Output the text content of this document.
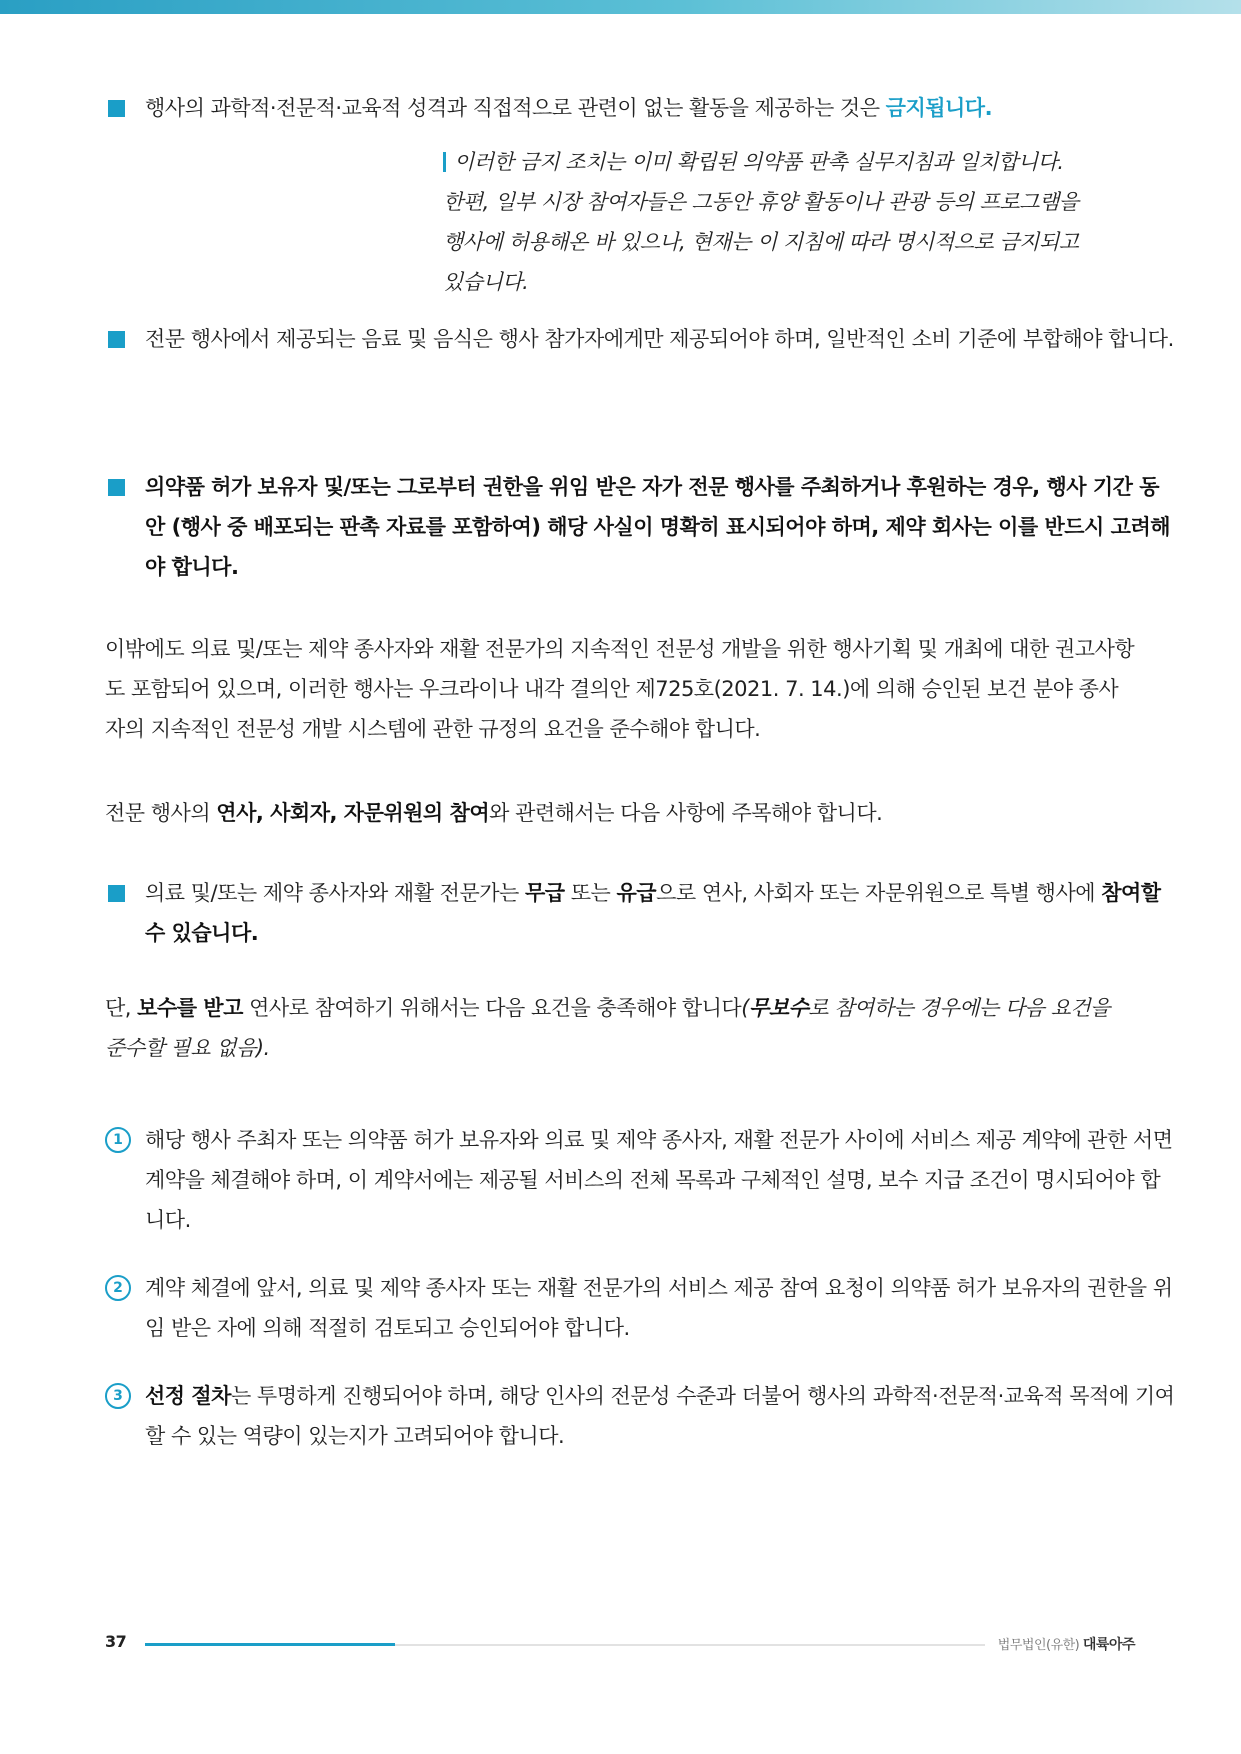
행사의 과학적·전문적·교육적 성격과 직접적으로 관련이 없는 활동을 제공하는 것은 금지됩니다.
이러한 금지 조치는 이미 확립된 의약품 판촉 실무지침과 일치합니다.
한편, 일부 시장 참여자들은 그동안 휴양 활동이나 관광 등의 프로그램을
행사에 허용해온 바 있으나, 현재는 이 지침에 따라 명시적으로 금지되고
있습니다.
전문 행사에서 제공되는 음료 및 음식은 행사 참가자에게만 제공되어야 하며, 일반적인 소비 기준에 부합해야 합니다.
의약품 허가 보유자 및/또는 그로부터 권한을 위임 받은 자가 전문 행사를 주최하거나 후원하는 경우, 행사 기간 동안 (행사 중 배포되는 판촉 자료를 포함하여) 해당 사실이 명확히 표시되어야 하며, 제약 회사는 이를 반드시 고려해야 합니다.
이밖에도 의료 및/또는 제약 종사자와 재활 전문가의 지속적인 전문성 개발을 위한 행사기획 및 개최에 대한 권고사항도 포함되어 있으며, 이러한 행사는 우크라이나 내각 결의안 제725호(2021. 7. 14.)에 의해 승인된 보건 분야 종사자의 지속적인 전문성 개발 시스템에 관한 규정의 요건을 준수해야 합니다.
전문 행사의 연사, 사회자, 자문위원의 참여와 관련해서는 다음 사항에 주목해야 합니다.
의료 및/또는 제약 종사자와 재활 전문가는 무급 또는 유급으로 연사, 사회자 또는 자문위원으로 특별 행사에 참여할 수 있습니다.
단, 보수를 받고 연사로 참여하기 위해서는 다음 요건을 충족해야 합니다(무보수로 참여하는 경우에는 다음 요건을 준수할 필요 없음).
1	해당 행사 주최자 또는 의약품 허가 보유자와 의료 및 제약 종사자, 재활 전문가 사이에 서비스 제공 계약에 관한 서면 계약을 체결해야 하며, 이 계약서에는 제공될 서비스의 전체 목록과 구체적인 설명, 보수 지급 조건이 명시되어야 합니다.
2	계약 체결에 앞서, 의료 및 제약 종사자 또는 재활 전문가의 서비스 제공 참여 요청이 의약품 허가 보유자의 권한을 위임 받은 자에 의해 적절히 검토되고 승인되어야 합니다.
3	선정 절차는 투명하게 진행되어야 하며, 해당 인사의 전문성 수준과 더불어 행사의 과학적·전문적·교육적 목적에 기여할 수 있는 역량이 있는지가 고려되어야 합니다.
37	법무법인(유한) 대륙아주
